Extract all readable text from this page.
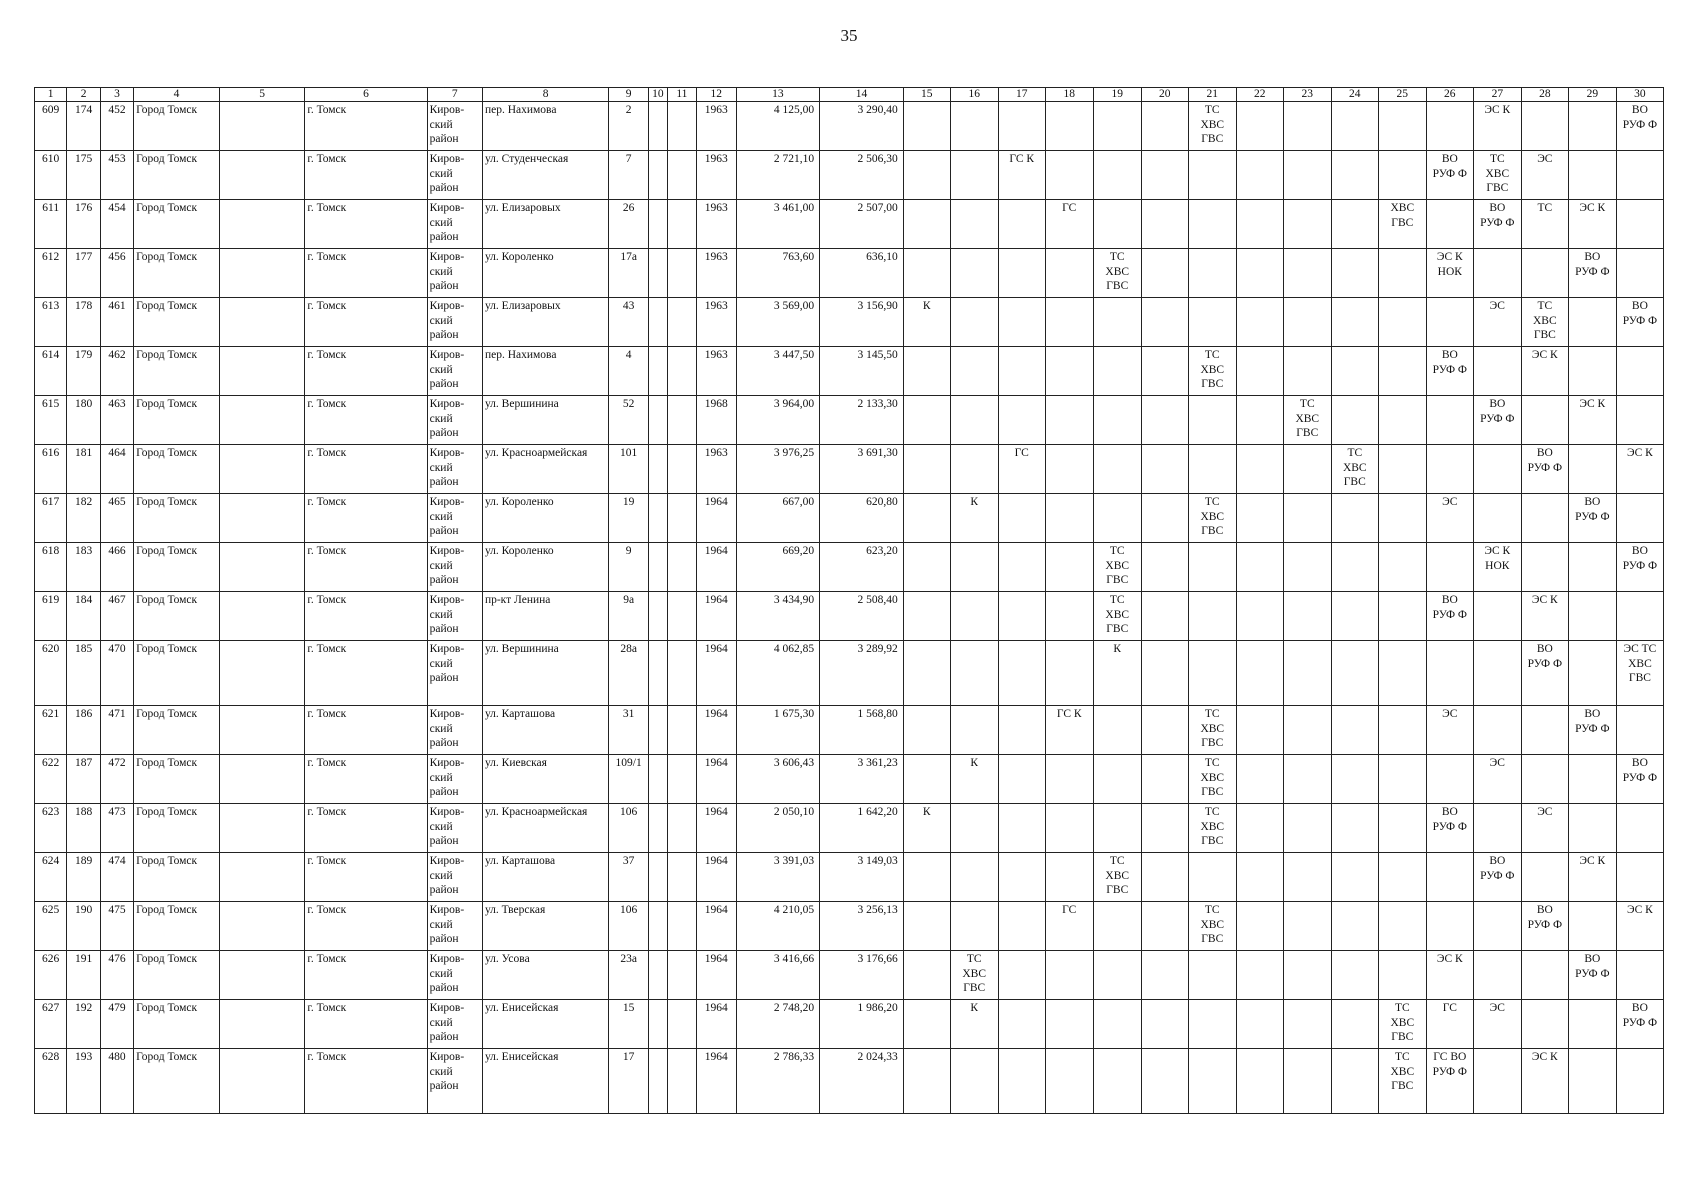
35
1	2	3	4	5	6	7	8	9	10	11	12	13	14	15	16	17	18	19	20	21	22	23	24	25	26	27	28	29	30
609	174	452	Город Томск		г. Томск	Киров-
ский
район	пер. Нахимова	2			1963	4 125,00	3 290,40							ТС
ХВС
ГВС						ЭС К			ВО
РУФ Ф
610	175	453	Город Томск		г. Томск	Киров-
ский
район	ул. Студенческая	7			1963	2 721,10	2 506,30			ГС К									ВО
РУФ Ф	ТС
ХВС
ГВС	ЭС		
611	176	454	Город Томск		г. Томск	Киров-
ский
район	ул. Елизаровых	26			1963	3 461,00	2 507,00				ГС							ХВС
ГВС		ВО
РУФ Ф	ТС	ЭС К	
612	177	456	Город Томск		г. Томск	Киров-
ский
район	ул. Короленко	17а			1963	763,60	636,10					ТС
ХВС
ГВС							ЭС К
НОК			ВО
РУФ Ф	
613	178	461	Город Томск		г. Томск	Киров-
ский
район	ул. Елизаровых	43			1963	3 569,00	3 156,90	К												ЭС	ТС
ХВС
ГВС		ВО
РУФ Ф
614	179	462	Город Томск		г. Томск	Киров-
ский
район	пер. Нахимова	4			1963	3 447,50	3 145,50							ТС
ХВС
ГВС					ВО
РУФ Ф		ЭС К		
615	180	463	Город Томск		г. Томск	Киров-
ский
район	ул. Вершинина	52			1968	3 964,00	2 133,30									ТС
ХВС
ГВС				ВО
РУФ Ф		ЭС К	
616	181	464	Город Томск		г. Томск	Киров-
ский
район	ул. Красноармейская	101			1963	3 976,25	3 691,30			ГС							ТС
ХВС
ГВС				ВО
РУФ Ф		ЭС К
617	182	465	Город Томск		г. Томск	Киров-
ский
район	ул. Короленко	19			1964	667,00	620,80		К					ТС
ХВС
ГВС					ЭС			ВО
РУФ Ф	
618	183	466	Город Томск		г. Томск	Киров-
ский
район	ул. Короленко	9			1964	669,20	623,20					ТС
ХВС
ГВС								ЭС К
НОК			ВО
РУФ Ф
619	184	467	Город Томск		г. Томск	Киров-
ский
район	пр-кт Ленина	9а			1964	3 434,90	2 508,40					ТС
ХВС
ГВС							ВО
РУФ Ф		ЭС К		
620	185	470	Город Томск		г. Томск	Киров-
ский
район	ул. Вершинина	28а			1964	4 062,85	3 289,92					К									ВО
РУФ Ф		ЭС ТС
ХВС
ГВС
621	186	471	Город Томск		г. Томск	Киров-
ский
район	ул. Карташова	31			1964	1 675,30	1 568,80				ГС К			ТС
ХВС
ГВС					ЭС			ВО
РУФ Ф	
622	187	472	Город Томск		г. Томск	Киров-
ский
район	ул. Киевская	109/1			1964	3 606,43	3 361,23		К					ТС
ХВС
ГВС						ЭС			ВО
РУФ Ф
623	188	473	Город Томск		г. Томск	Киров-
ский
район	ул. Красноармейская	106			1964	2 050,10	1 642,20	К						ТС
ХВС
ГВС					ВО
РУФ Ф		ЭС		
624	189	474	Город Томск		г. Томск	Киров-
ский
район	ул. Карташова	37			1964	3 391,03	3 149,03					ТС
ХВС
ГВС								ВО
РУФ Ф		ЭС К	
625	190	475	Город Томск		г. Томск	Киров-
ский
район	ул. Тверская	106			1964	4 210,05	3 256,13				ГС			ТС
ХВС
ГВС							ВО
РУФ Ф		ЭС К
626	191	476	Город Томск		г. Томск	Киров-
ский
район	ул. Усова	23а			1964	3 416,66	3 176,66		ТС
ХВС
ГВС										ЭС К			ВО
РУФ Ф	
627	192	479	Город Томск		г. Томск	Киров-
ский
район	ул. Енисейская	15			1964	2 748,20	1 986,20		К									ТС
ХВС
ГВС	ГС	ЭС			ВО
РУФ Ф
628	193	480	Город Томск		г. Томск	Киров-
ский
район	ул. Енисейская	17			1964	2 786,33	2 024,33											ТС
ХВС
ГВС	ГС ВО
РУФ Ф		ЭС К		
